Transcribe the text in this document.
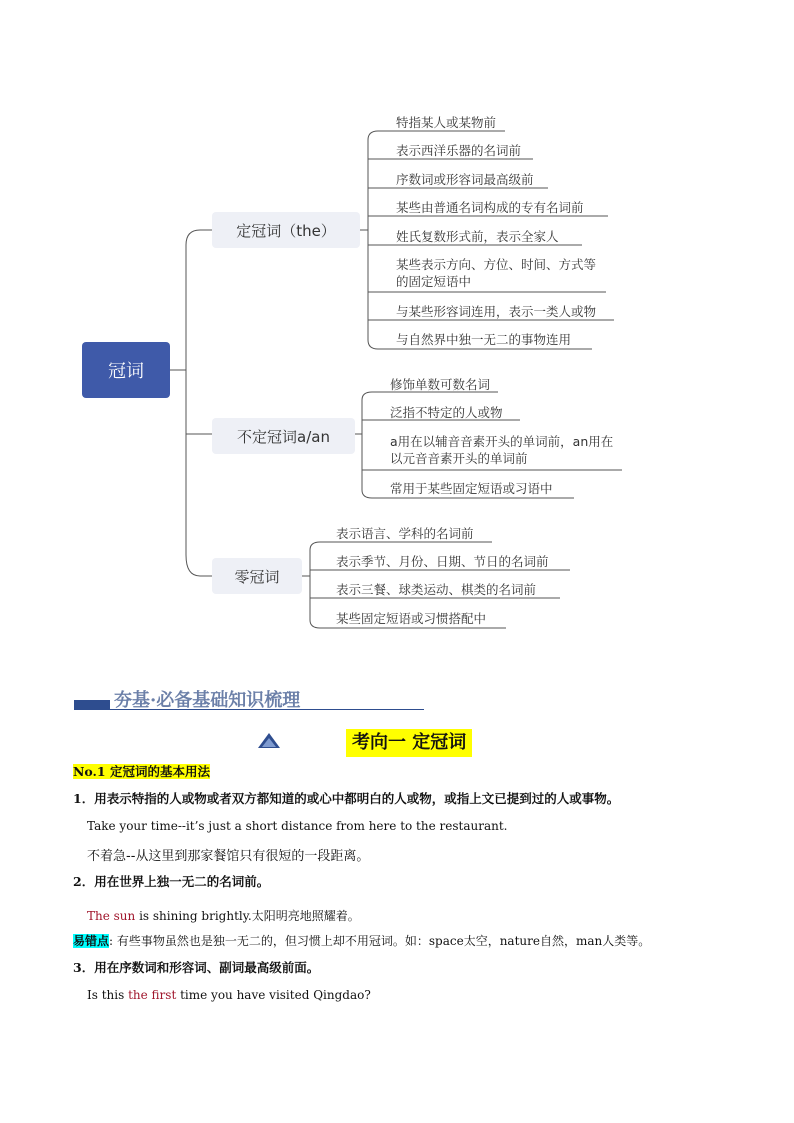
冠词
定冠词（the）
不定冠词a/an
零冠词
特指某人或某物前
表示西洋乐器的名词前
序数词或形容词最高级前
某些由普通名词构成的专有名词前
姓氏复数形式前，表示全家人
某些表示方向、方位、时间、方式等的固定短语中
与某些形容词连用，表示一类人或物
与自然界中独一无二的事物连用
修饰单数可数名词
泛指不特定的人或物
a用在以辅音音素开头的单词前，an用在以元音音素开头的单词前
常用于某些固定短语或习语中
表示语言、学科的名词前
表示季节、月份、日期、节日的名词前
表示三餐、球类运动、棋类的名词前
某些固定短语或习惯搭配中
夯基·必备基础知识梳理
考向一 定冠词
No.1 定冠词的基本用法
1．用表示特指的人或物或者双方都知道的或心中都明白的人或物，或指上文已提到过的人或事物。
Take your time--it’s just a short distance from here to the restaurant.
不着急--从这里到那家餐馆只有很短的一段距离。
2．用在世界上独一无二的名词前。
The sun is shining brightly.太阳明亮地照耀着。
易错点: 有些事物虽然也是独一无二的，但习惯上却不用冠词。如：space太空，nature自然，man人类等。
3．用在序数词和形容词、副词最高级前面。
Is this the first time you have visited Qingdao?
